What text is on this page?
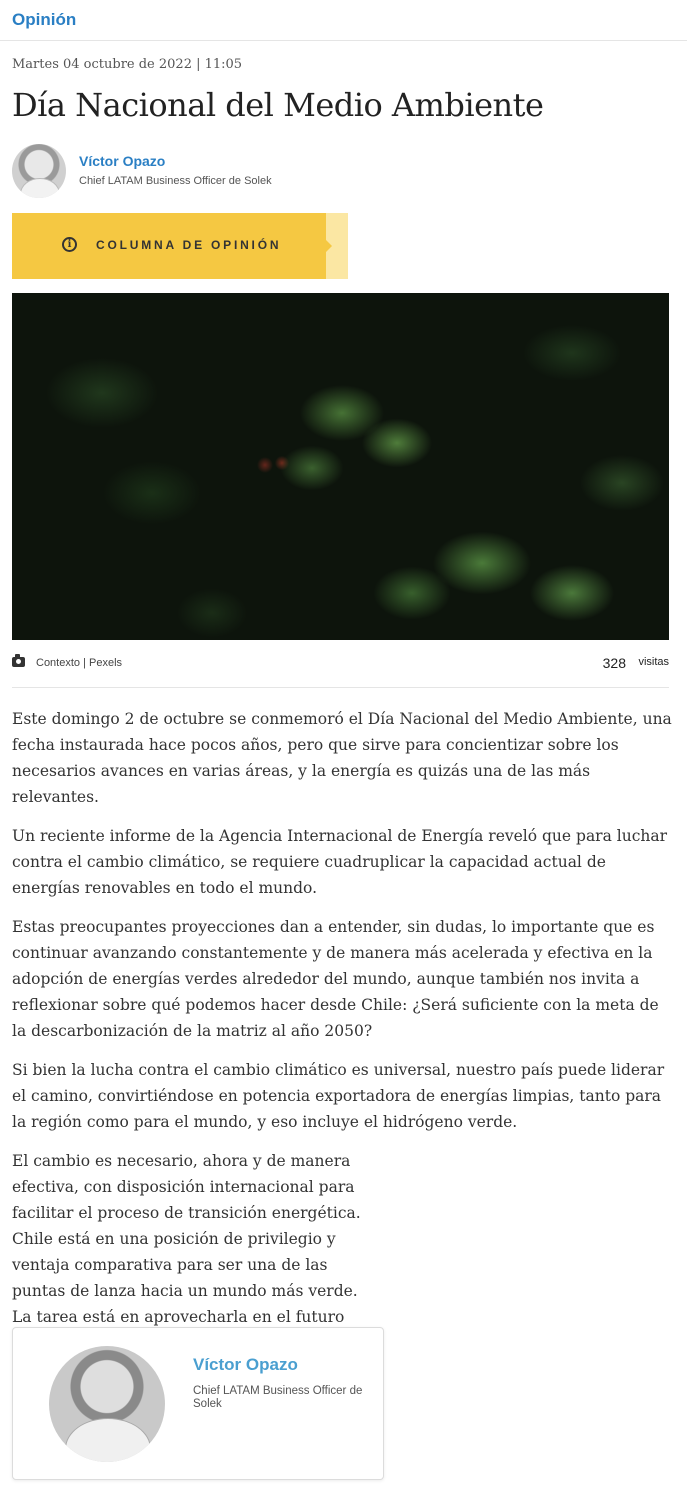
Opinión
Martes 04 octubre de 2022 | 11:05
Día Nacional del Medio Ambiente
Víctor Opazo
Chief LATAM Business Officer de Solek
i	COLUMNA DE OPINIÓN
Contexto | Pexels	328 visitas

Este domingo 2 de octubre se conmemoró el Día Nacional del Medio Ambiente, una fecha instaurada hace pocos años, pero que sirve para concientizar sobre los necesarios avances en varias áreas, y la energía es quizás una de las más relevantes.

Un reciente informe de la Agencia Internacional de Energía reveló que para luchar contra el cambio climático, se requiere cuadruplicar la capacidad actual de energías renovables en todo el mundo.

Estas preocupantes proyecciones dan a entender, sin dudas, lo importante que es continuar avanzando constantemente y de manera más acelerada y efectiva en la adopción de energías verdes alrededor del mundo, aunque también nos invita a reflexionar sobre qué podemos hacer desde Chile: ¿Será suficiente con la meta de la descarbonización de la matriz al año 2050?

Si bien la lucha contra el cambio climático es universal, nuestro país puede liderar el camino, convirtiéndose en potencia exportadora de energías limpias, tanto para la región como para el mundo, y eso incluye el hidrógeno verde.

El cambio es necesario, ahora y de manera efectiva, con disposición internacional para facilitar el proceso de transición energética. Chile está en una posición de privilegio y ventaja comparativa para ser una de las puntas de lanza hacia un mundo más verde. La tarea está en aprovecharla en el futuro

Víctor Opazo
Chief LATAM Business Officer de Solek
